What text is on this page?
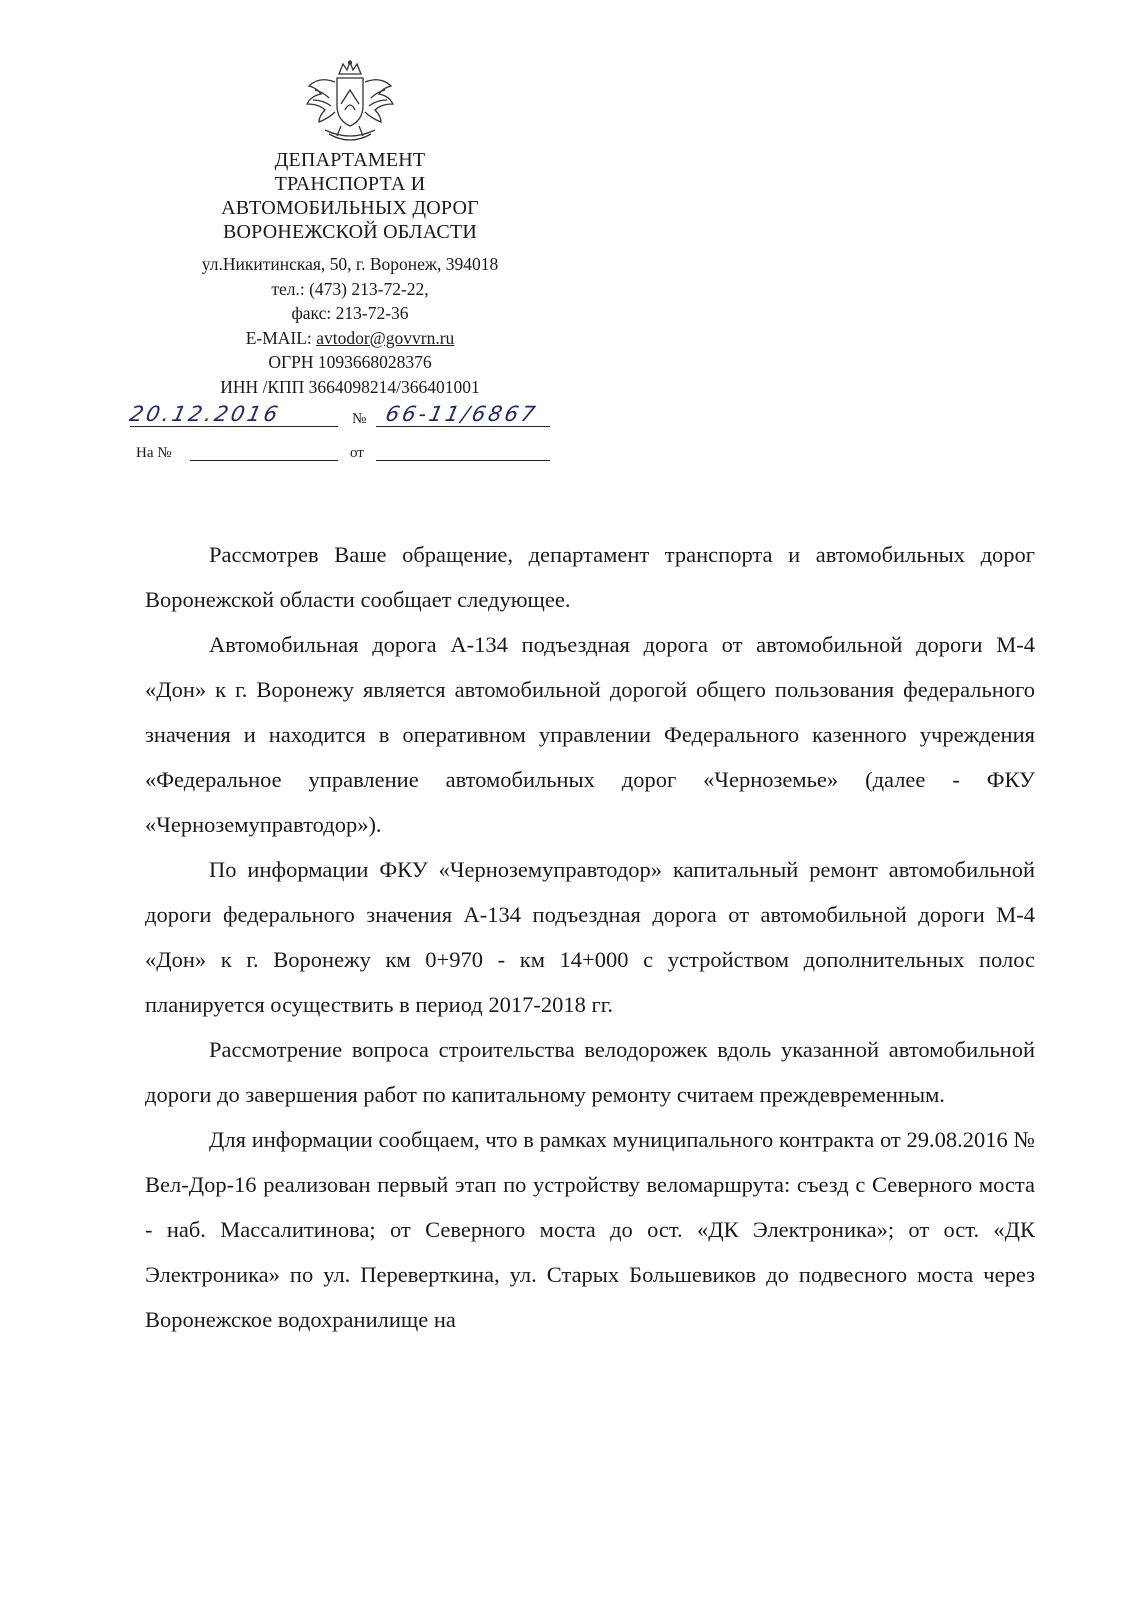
ДЕПАРТАМЕНТ
ТРАНСПОРТА И
АВТОМОБИЛЬНЫХ ДОРОГ
ВОРОНЕЖСКОЙ ОБЛАСТИ
ул.Никитинская, 50, г. Воронеж, 394018
тел.: (473) 213-72-22,
факс: 213-72-36
E-MAIL: avtodor@govvrn.ru
ОГРН 1093668028376
ИНН /КПП 3664098214/366401001
20.12.2016	№ 66-11/6867
На №	от

Рассмотрев Ваше обращение, департамент транспорта и автомобильных дорог Воронежской области сообщает следующее.

Автомобильная дорога А-134 подъездная дорога от автомобильной дороги М-4 «Дон» к г. Воронежу является автомобильной дорогой общего пользования федерального значения и находится в оперативном управлении Федерального казенного учреждения «Федеральное управление автомобильных дорог «Черноземье» (далее - ФКУ «Черноземуправтодор»).

По информации ФКУ «Черноземуправтодор» капитальный ремонт автомобильной дороги федерального значения А-134 подъездная дорога от автомобильной дороги М-4 «Дон» к г. Воронежу км 0+970 - км 14+000 с устройством дополнительных полос планируется осуществить в период 2017-2018 гг.

Рассмотрение вопроса строительства велодорожек вдоль указанной автомобильной дороги до завершения работ по капитальному ремонту считаем преждевременным.

Для информации сообщаем, что в рамках муниципального контракта от 29.08.2016 № Вел-Дор-16 реализован первый этап по устройству веломаршрута: съезд с Северного моста - наб. Массалитинова; от Северного моста до ост. «ДК Электроника»; от ост. «ДК Электроника» по ул. Переверткина, ул. Старых Большевиков до подвесного моста через Воронежское водохранилище на
